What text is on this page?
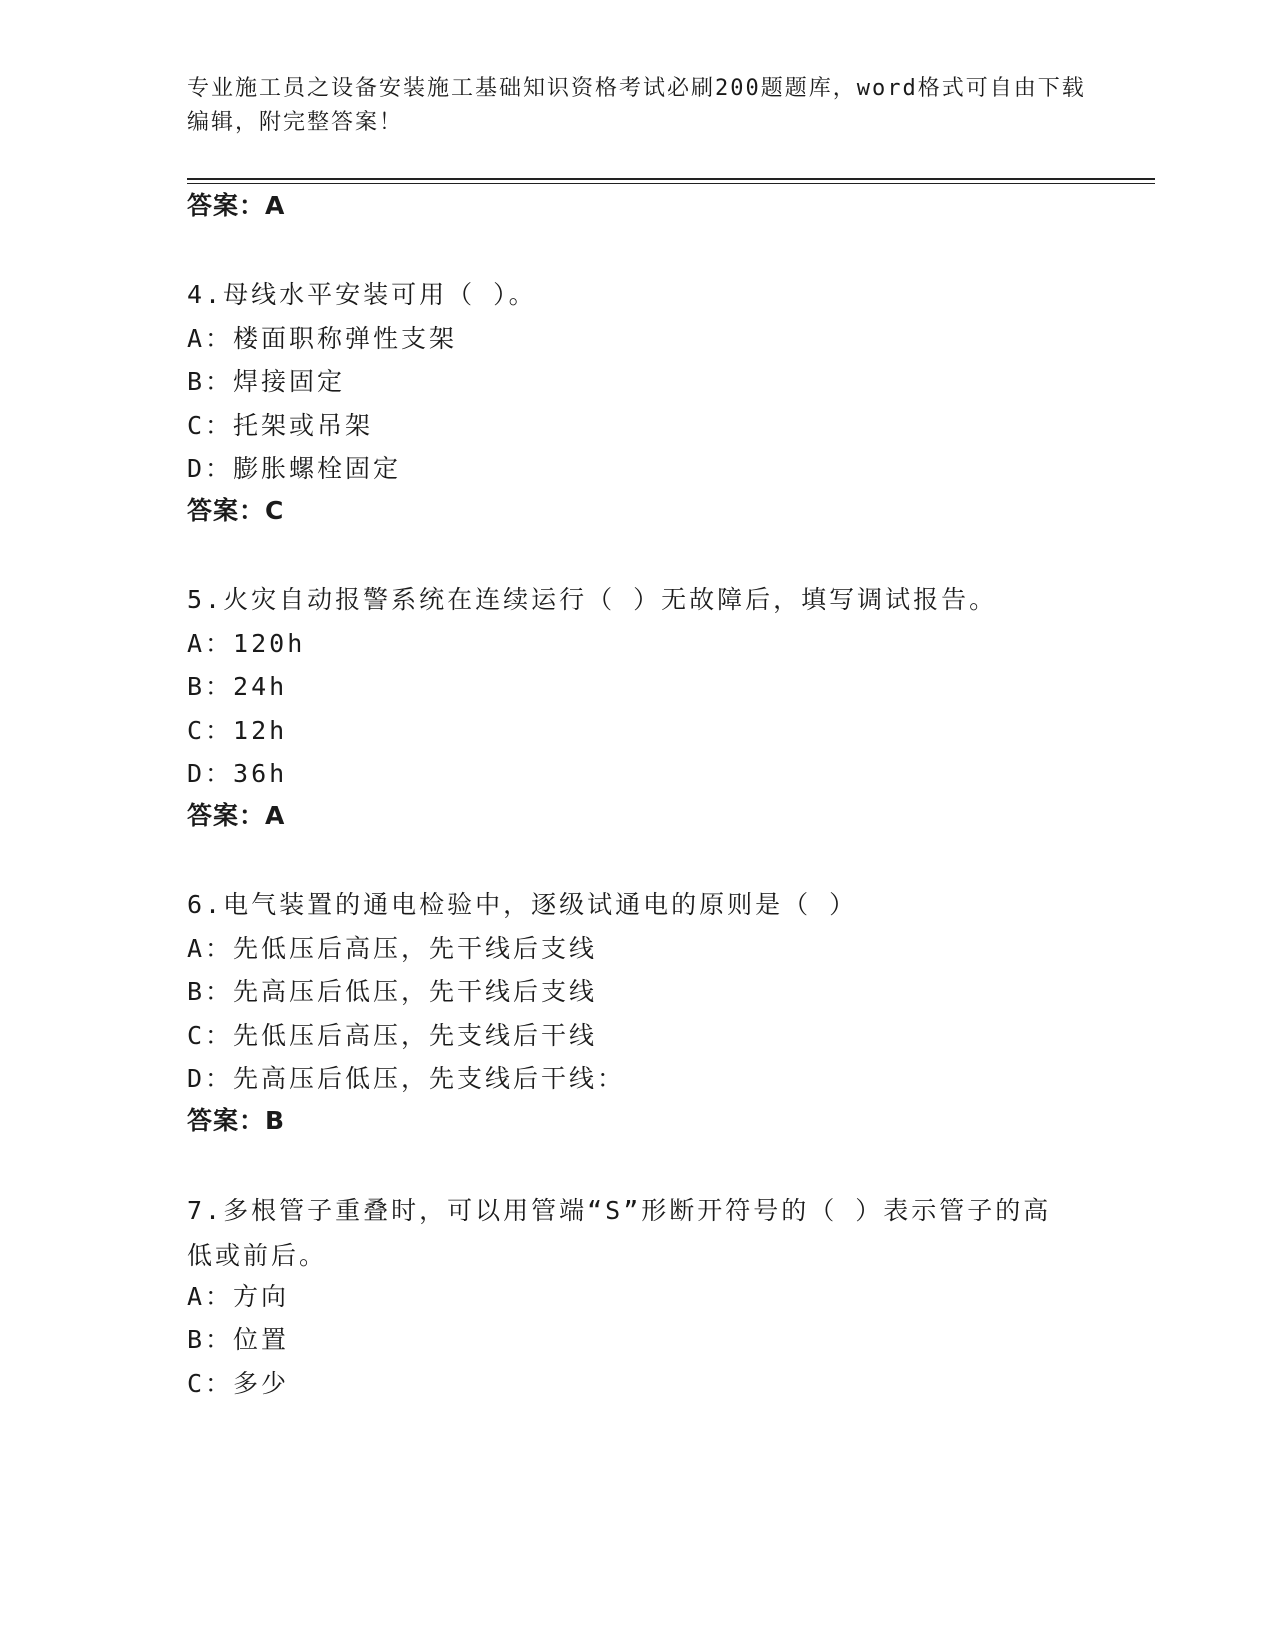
专业施工员之设备安装施工基础知识资格考试必刷200题题库，word格式可自由下载编辑，附完整答案！

答案：A

4.母线水平安装可用（ ）。

A：楼面职称弹性支架

B：焊接固定

C：托架或吊架

D：膨胀螺栓固定

答案：C

5.火灾自动报警系统在连续运行（ ）无故障后，填写调试报告。

A：120h

B：24h

C：12h

D：36h

答案：A

6.电气装置的通电检验中，逐级试通电的原则是（ ）

A：先低压后高压，先干线后支线

B：先高压后低压，先干线后支线

C：先低压后高压，先支线后干线

D：先高压后低压，先支线后干线：

答案：B

7.多根管子重叠时，可以用管端“S”形断开符号的（ ）表示管子的高低或前后。

A：方向

B：位置

C：多少
